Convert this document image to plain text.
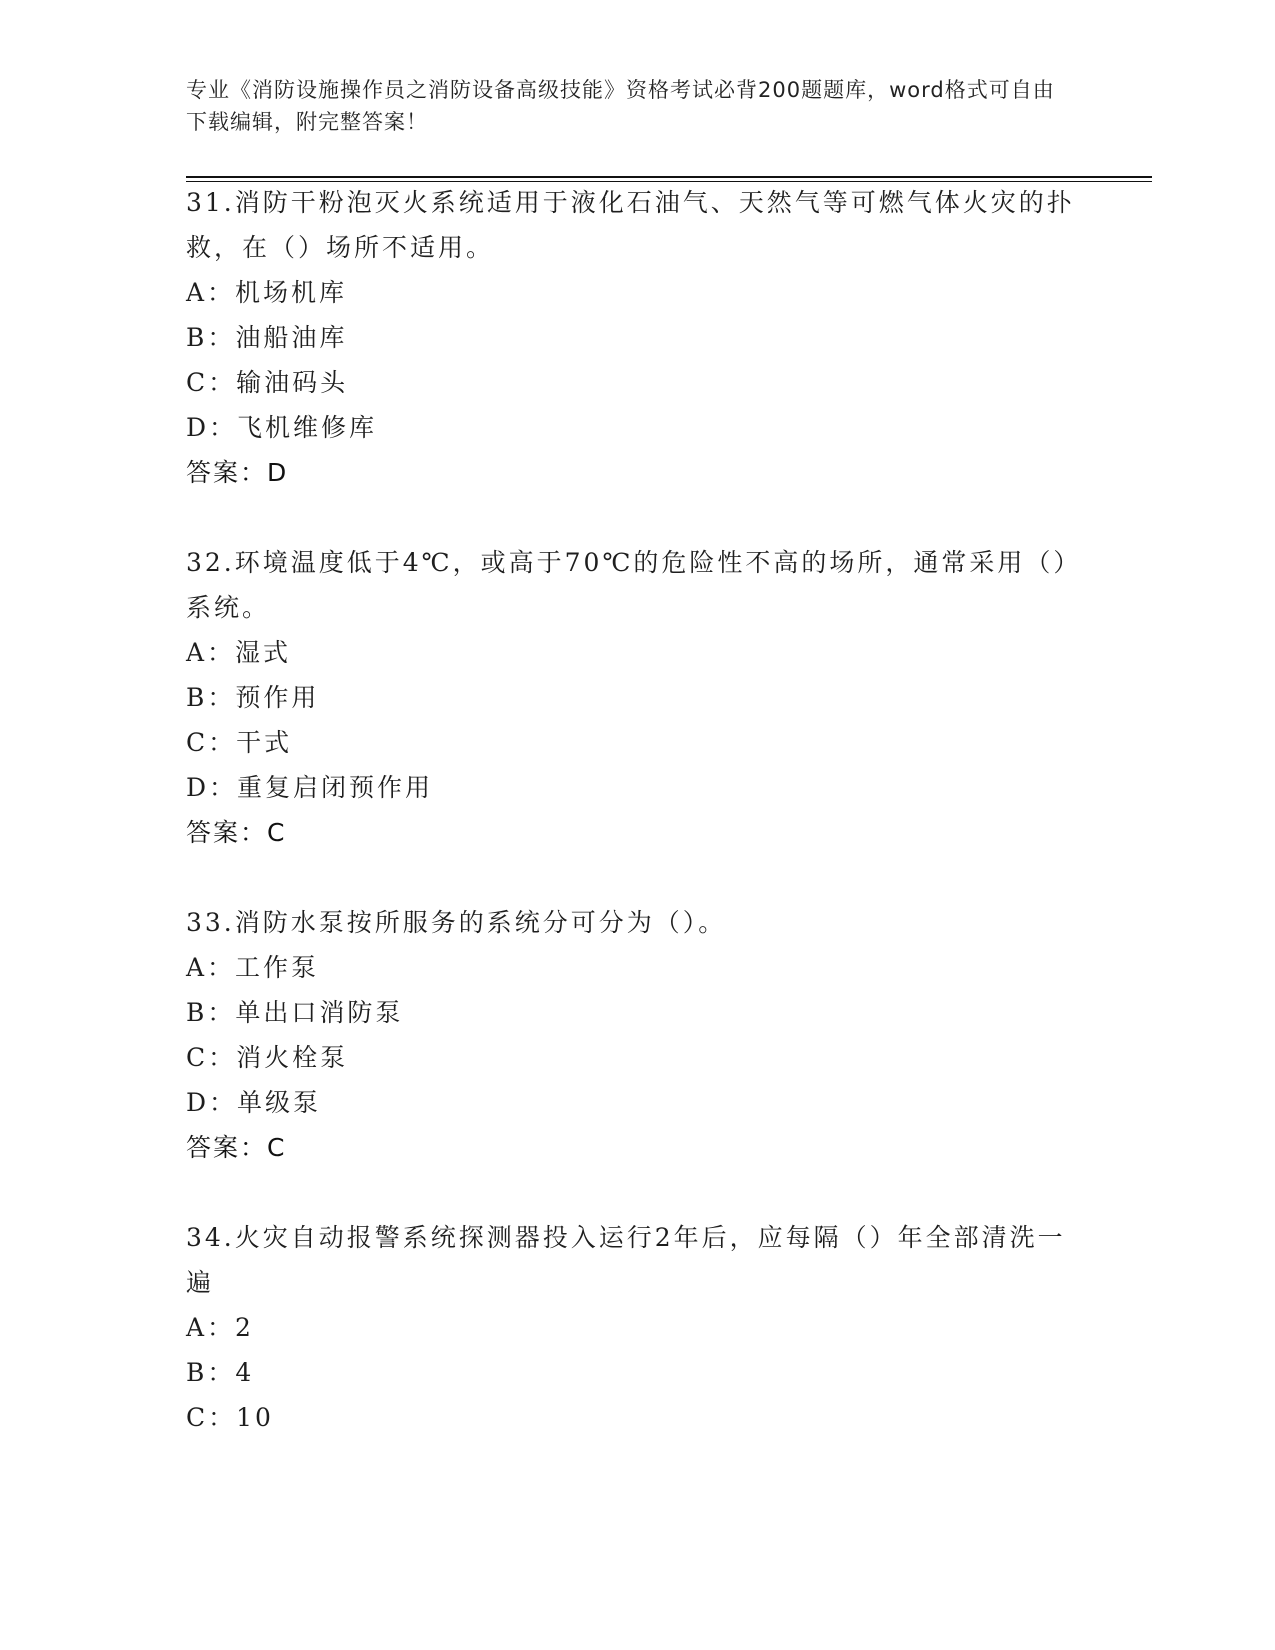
专业《消防设施操作员之消防设备高级技能》资格考试必背200题题库，word格式可自由下载编辑，附完整答案！

31.消防干粉泡灭火系统适用于液化石油气、天然气等可燃气体火灾的扑救，在（）场所不适用。

A：机场机库

B：油船油库

C：输油码头

D：飞机维修库

答案：D

32.环境温度低于4℃，或高于70℃的危险性不高的场所，通常采用（）系统。

A：湿式

B：预作用

C：干式

D：重复启闭预作用

答案：C

33.消防水泵按所服务的系统分可分为（）。

A：工作泵

B：单出口消防泵

C：消火栓泵

D：单级泵

答案：C

34.火灾自动报警系统探测器投入运行2年后，应每隔（）年全部清洗一遍

A：2

B：4

C：10
